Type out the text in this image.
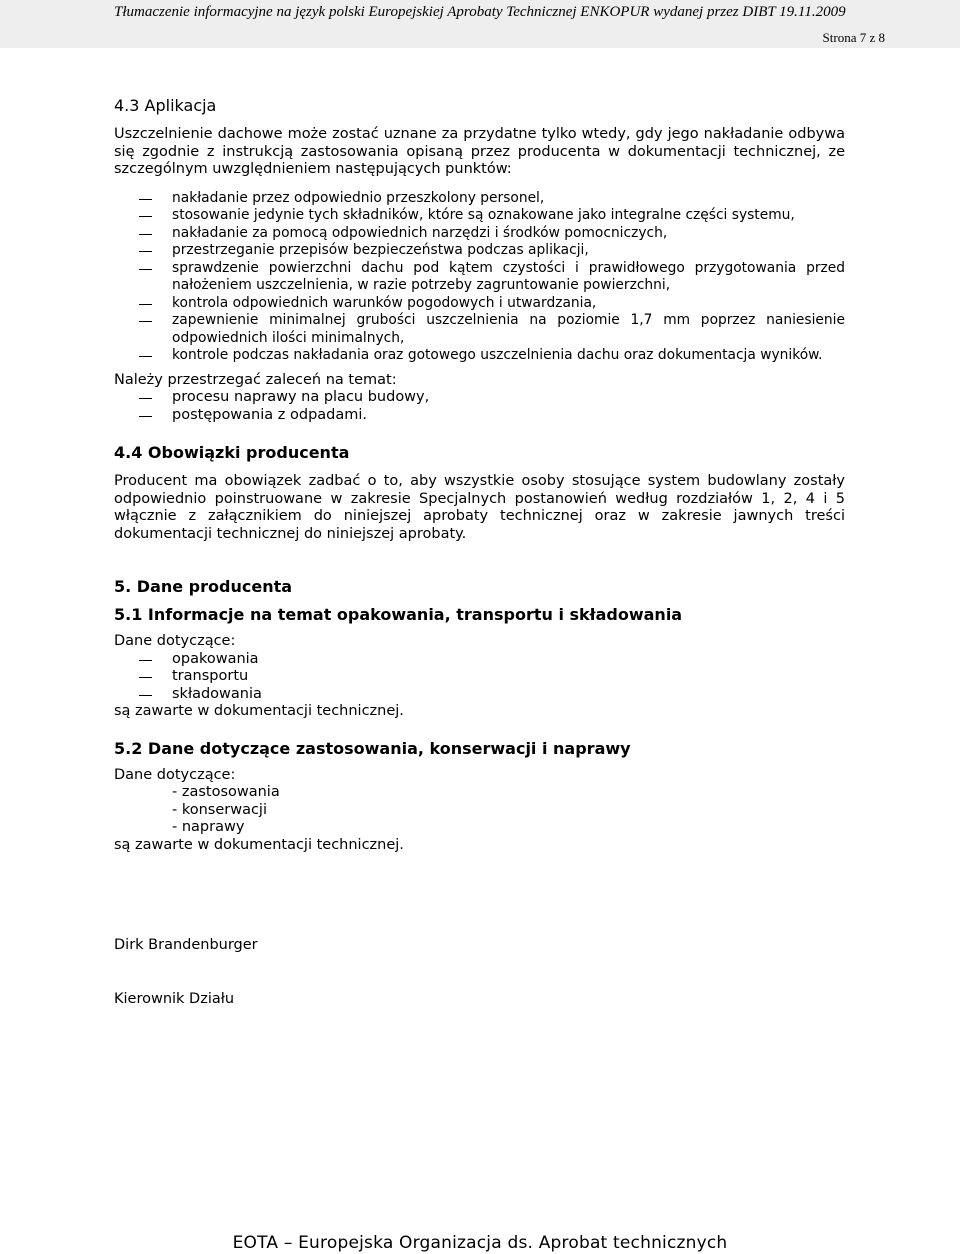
Tłumaczenie informacyjne na język polski Europejskiej Aprobaty Technicznej ENKOPUR wydanej przez DIBT 19.11.2009
Strona 7 z 8
4.3 Aplikacja

Uszczelnienie dachowe może zostać uznane za przydatne tylko wtedy, gdy jego nakładanie odbywa się zgodnie z instrukcją zastosowania opisaną przez producenta w dokumentacji technicznej, ze szczególnym uwzględnieniem następujących punktów:

nakładanie przez odpowiednio przeszkolony personel,
stosowanie jedynie tych składników, które są oznakowane jako integralne części systemu,
nakładanie za pomocą odpowiednich narzędzi i środków pomocniczych,
przestrzeganie przepisów bezpieczeństwa podczas aplikacji,
sprawdzenie powierzchni dachu pod kątem czystości i prawidłowego przygotowania przed nałożeniem uszczelnienia, w razie potrzeby zagruntowanie powierzchni,
kontrola odpowiednich warunków pogodowych i utwardzania,
zapewnienie minimalnej grubości uszczelnienia na poziomie 1,7 mm poprzez naniesienie odpowiednich ilości minimalnych,
kontrole podczas nakładania oraz gotowego uszczelnienia dachu oraz dokumentacja wyników.

Należy przestrzegać zaleceń na temat:

procesu naprawy na placu budowy,
postępowania z odpadami.
4.4 Obowiązki producenta

Producent ma obowiązek zadbać o to, aby wszystkie osoby stosujące system budowlany zostały odpowiednio poinstruowane w zakresie Specjalnych postanowień według rozdziałów 1, 2, 4 i 5 włącznie z załącznikiem do niniejszej aprobaty technicznej oraz w zakresie jawnych treści dokumentacji technicznej do niniejszej aprobaty.

5. Dane producenta
5.1 Informacje na temat opakowania, transportu i składowania

Dane dotyczące:

opakowania
transportu
składowania

są zawarte w dokumentacji technicznej.

5.2 Dane dotyczące zastosowania, konserwacji i naprawy

Dane dotyczące:

- zastosowania
- konserwacji
- naprawy

są zawarte w dokumentacji technicznej.

Dirk Brandenburger

Kierownik Działu

EOTA – Europejska Organizacja ds. Aprobat technicznych
